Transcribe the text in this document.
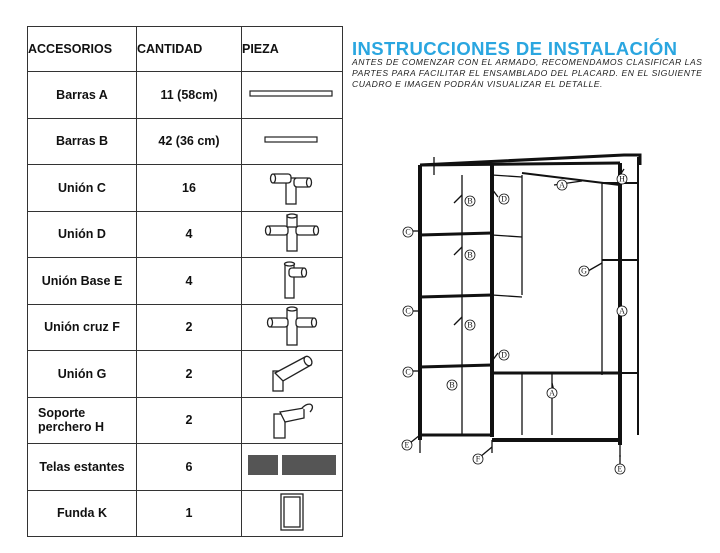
ACCESORIOS	CANTIDAD	PIEZA
Barras A	11 (58cm)	
Barras B	42 (36 cm)	
Unión C	16	
Unión D	4	
Unión Base E	4	
Unión cruz F	2	
Unión G	2	
Soporte perchero H	2	
Telas estantes	6	
Funda K	1	
INSTRUCCIONES DE INSTALACIÓN
ANTES DE COMENZAR CON EL ARMADO, RECOMENDAMOS CLASIFICAR LAS PARTES PARA FACILITAR EL ENSAMBLADO DEL PLACARD. EN EL SIGUIENTE CUADRO E IMAGEN PODRÁN VISUALIZAR EL DETALLE.
C
C
C
B
B
B
B
D
D
A
A
A
G
H
E
F
E
